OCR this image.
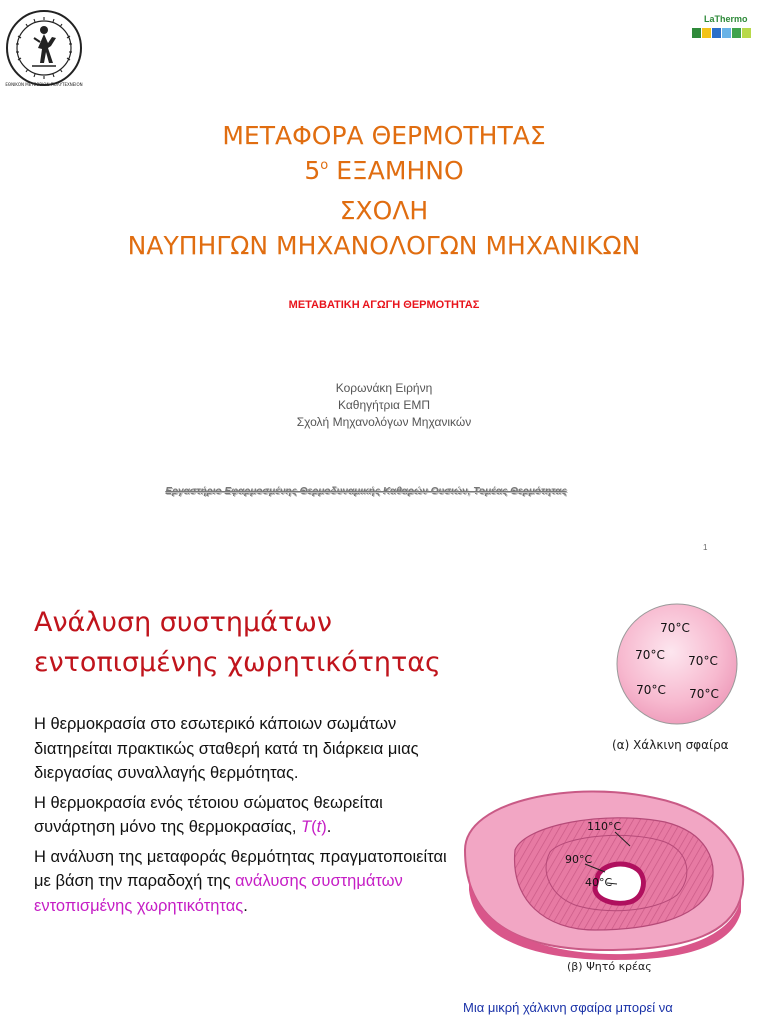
ΕΘΝΙΚΟΝ ΜΕΤΣΟΒΙΟΝ ΠΟΛΥΤΕΧΝΕΙΟΝ
LaThermo
ΜΕΤΑΦΟΡΑ ΘΕΡΜΟΤΗΤΑΣ
$5^o$ ΕΞΑΜΗΝΟ
ΣΧΟΛΗ
ΝΑΥΠΗΓΩΝ ΜΗΧΑΝΟΛΟΓΩΝ ΜΗΧΑΝΙΚΩΝ
ΜΕΤΑΒΑΤΙΚΗ ΑΓΩΓΗ ΘΕΡΜΟΤΗΤΑΣ
Κορωνάκη Ειρήνη
Καθηγήτρια ΕΜΠ
Σχολή Μηχανολόγων Μηχανικών
Εργαστήριο Εφαρμοσμένης Θερμοδυναμικής Καθαρών Ουσιών, Τομέας Θερμότητας
1
Ανάλυση συστημάτων
εντοπισμένης χωρητικότητας

Η θερμοκρασία στο εσωτερικό κάποιων σωμάτων διατηρείται πρακτικώς σταθερή κατά τη διάρκεια μιας διεργασίας συναλλαγής θερμότητας.

Η θερμοκρασία ενός τέτοιου σώματος θεωρείται συνάρτηση μόνο της θερμοκρασίας, T(t).

Η ανάλυση της μεταφοράς θερμότητας πραγματοποιείται με βάση την παραδοχή της ανάλυσης συστημάτων εντοπισμένης χωρητικότητας.

70°C
70°C 70°C
70°C 70°C
(α) Χάλκινη σφαίρα
110°C
90°C
40°C
(β) Ψητό κρέας
Μια μικρή χάλκινη σφαίρα μπορεί να
